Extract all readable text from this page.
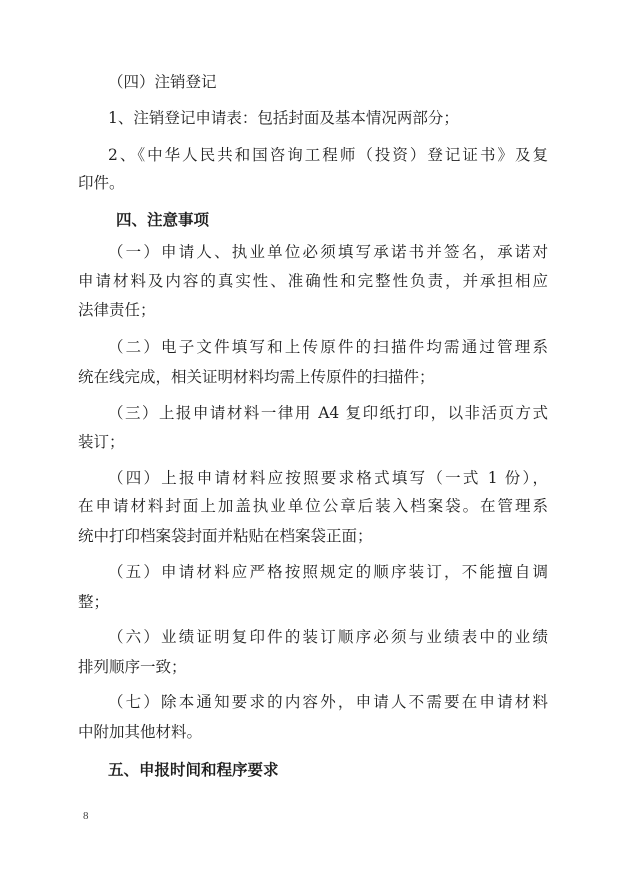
（四）注销登记
1、注销登记申请表：包括封面及基本情况两部分；
2、《中华人民共和国咨询工程师（投资）登记证书》及复
印件。
四、注意事项
（一）申请人、执业单位必须填写承诺书并签名，承诺对
申请材料及内容的真实性、准确性和完整性负责，并承担相应
法律责任；
（二）电子文件填写和上传原件的扫描件均需通过管理系
统在线完成，相关证明材料均需上传原件的扫描件；
（三）上报申请材料一律用 A4 复印纸打印，以非活页方式
装订；
（四）上报申请材料应按照要求格式填写（一式 1 份），
在申请材料封面上加盖执业单位公章后装入档案袋。在管理系
统中打印档案袋封面并粘贴在档案袋正面；
（五）申请材料应严格按照规定的顺序装订，不能擅自调
整；
（六）业绩证明复印件的装订顺序必须与业绩表中的业绩
排列顺序一致；
（七）除本通知要求的内容外，申请人不需要在申请材料
中附加其他材料。
五、申报时间和程序要求
8
